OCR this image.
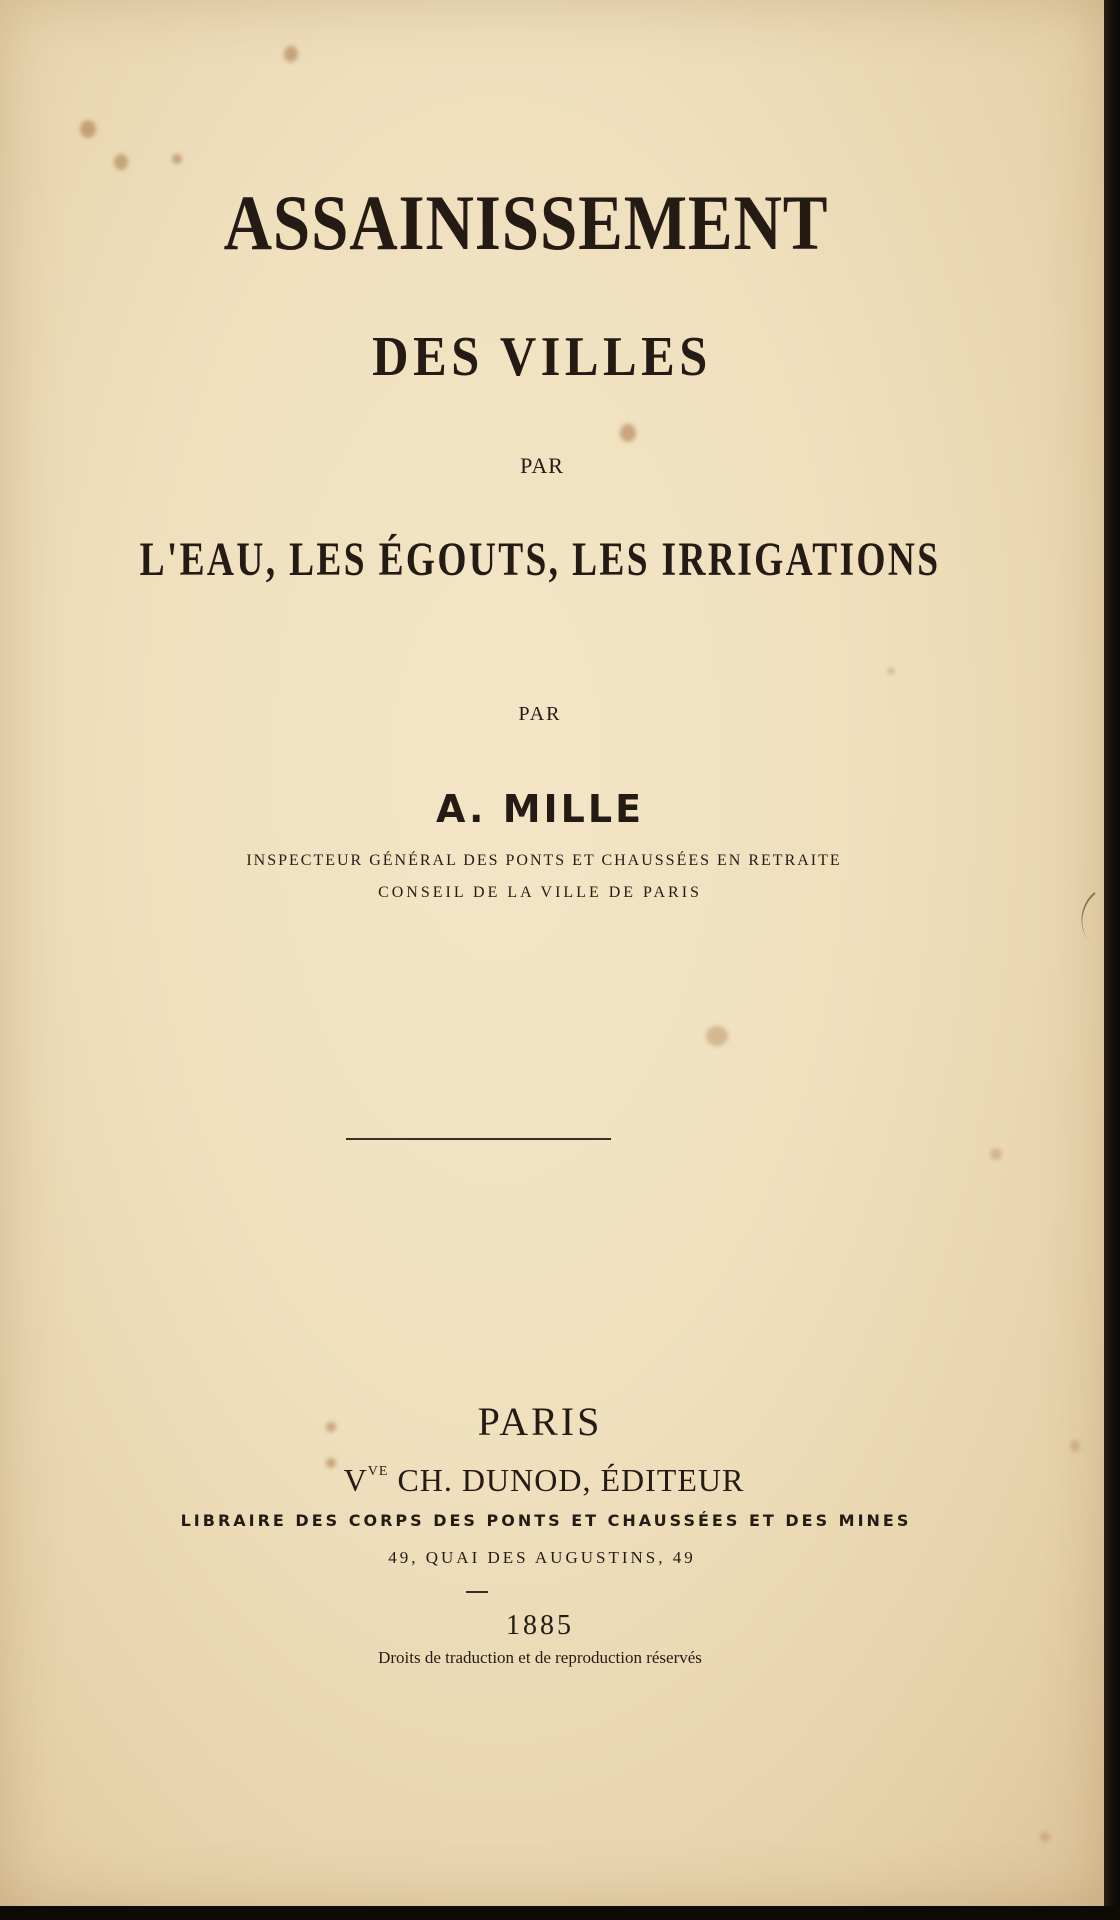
ASSAINISSEMENT
DES VILLES
PAR
L'EAU, LES ÉGOUTS, LES IRRIGATIONS
PAR
A. MILLE
INSPECTEUR GÉNÉRAL DES PONTS ET CHAUSSÉES EN RETRAITE
CONSEIL DE LA VILLE DE PARIS
PARIS
$V^{VE}$ CH. DUNOD, ÉDITEUR
LIBRAIRE DES CORPS DES PONTS ET CHAUSSÉES ET DES MINES
49, QUAI DES AUGUSTINS, 49
1885
Droits de traduction et de reproduction réservés
